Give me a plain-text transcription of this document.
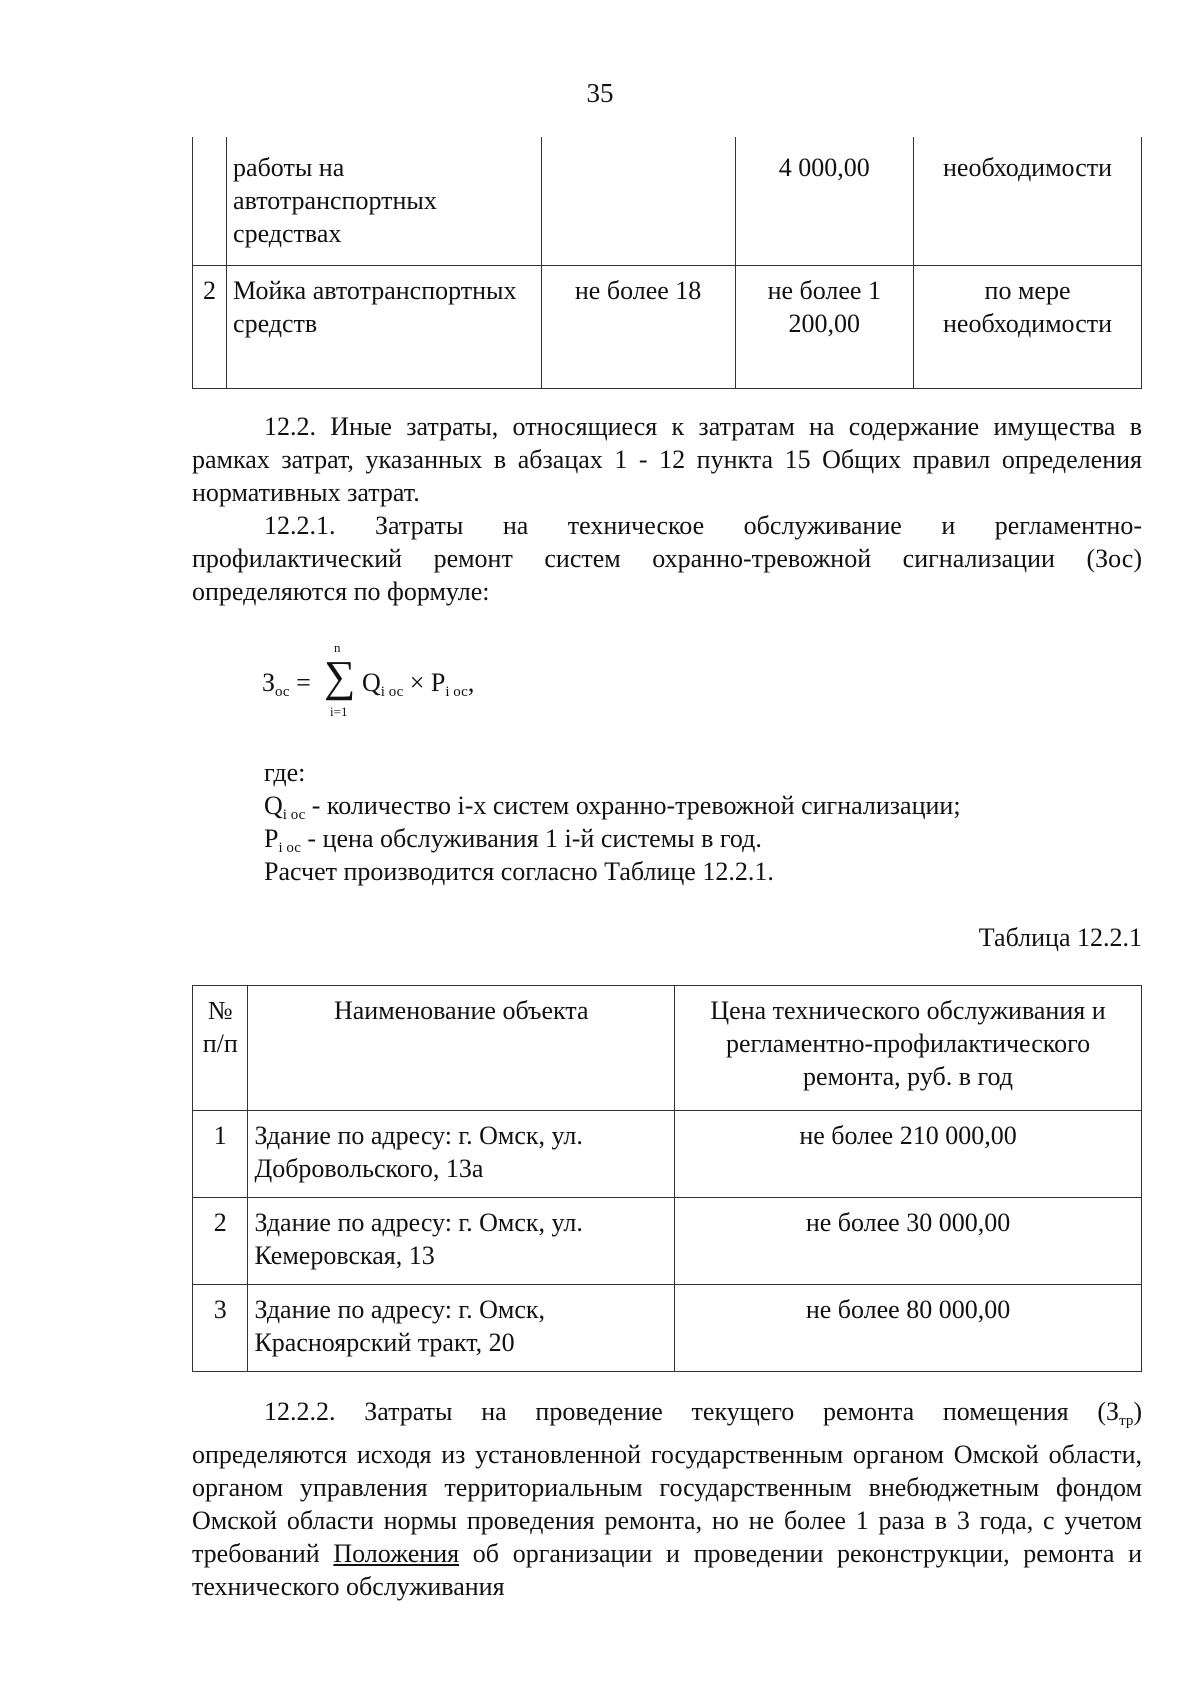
35
	работы на автотранспортных средствах		4 000,00	необходимости
2	Мойка автотранспортных средств	не более 18	не более 1 200,00	по мере необходимости

12.2. Иные затраты, относящиеся к затратам на содержание имущества в рамках затрат, указанных в абзацах 1 - 12 пункта 15 Общих правил определения нормативных затрат.

12.2.1. Затраты на техническое обслуживание и регламентно-профилактический ремонт систем охранно-тревожной сигнализации (Зос) определяются по формуле:

$З_{ос}$ = ∑
n
i=1
$Q_{i ос} \times P_{i ос}$,
где:
$Q_{i ос}$ - количество i-х систем охранно-тревожной сигнализации;
$P_{i ос}$ - цена обслуживания 1 i-й системы в год.
Расчет производится согласно Таблице 12.2.1.
Таблица 12.2.1
№ п/п	Наименование объекта	Цена технического обслуживания и регламентно-профилактического ремонта, руб. в год
1	Здание по адресу: г. Омск, ул. Добровольского, 13а	не более 210 000,00
2	Здание по адресу: г. Омск, ул. Кемеровская, 13	не более 30 000,00
3	Здание по адресу: г. Омск, Красноярский тракт, 20	не более 80 000,00

12.2.2. Затраты на проведение текущего ремонта помещения $(З_{тр})$ определяются исходя из установленной государственным органом Омской области, органом управления территориальным государственным внебюджетным фондом Омской области нормы проведения ремонта, но не более 1 раза в 3 года, с учетом требований Положения об организации и проведении реконструкции, ремонта и технического обслуживания
